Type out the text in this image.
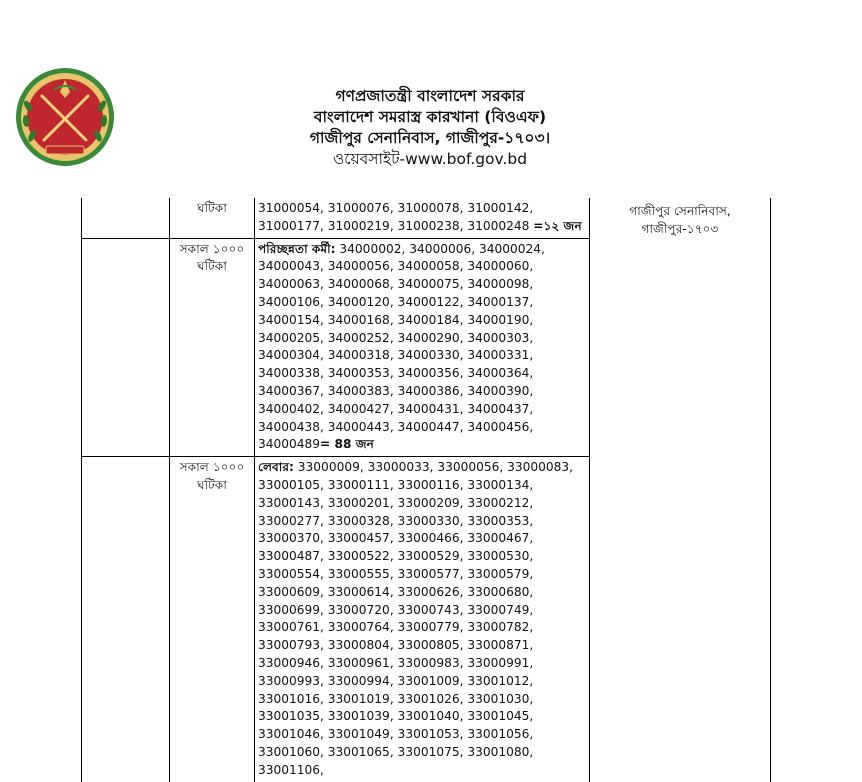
গণপ্রজাতন্ত্রী বাংলাদেশ সরকার
বাংলাদেশ সমরাস্ত্র কারখানা (বিওএফ)
গাজীপুর সেনানিবাস, গাজীপুর-১৭০৩।
ওয়েবসাইট-www.bof.gov.bd
	ঘটিকা	31000054, 31000076, 31000078, 31000142, 31000177, 31000219, 31000238, 31000248 =১২ জন	গাজীপুর সেনানিবাস,
গাজীপুর-১৭০৩

	সকাল ১০০০ ঘটিকা	পরিচ্ছন্নতা কর্মী: 34000002, 34000006, 34000024, 34000043, 34000056, 34000058, 34000060, 34000063, 34000068, 34000075, 34000098, 34000106, 34000120, 34000122, 34000137, 34000154, 34000168, 34000184, 34000190, 34000205, 34000252, 34000290, 34000303, 34000304, 34000318, 34000330, 34000331, 34000338, 34000353, 34000356, 34000364, 34000367, 34000383, 34000386, 34000390, 34000402, 34000427, 34000431, 34000437, 34000438, 34000443, 34000447, 34000456, 34000489= 88 জন	
	সকাল ১০০০ ঘটিকা	লেবার: 33000009, 33000033, 33000056, 33000083, 33000105, 33000111, 33000116, 33000134, 33000143, 33000201, 33000209, 33000212, 33000277, 33000328, 33000330, 33000353, 33000370, 33000457, 33000466, 33000467, 33000487, 33000522, 33000529, 33000530, 33000554, 33000555, 33000577, 33000579, 33000609, 33000614, 33000626, 33000680, 33000699, 33000720, 33000743, 33000749, 33000761, 33000764, 33000779, 33000782, 33000793, 33000804, 33000805, 33000871, 33000946, 33000961, 33000983, 33000991, 33000993, 33000994, 33001009, 33001012, 33001016, 33001019, 33001026, 33001030, 33001035, 33001039, 33001040, 33001045, 33001046, 33001049, 33001053, 33001056, 33001060, 33001065, 33001075, 33001080, 33001106,	
